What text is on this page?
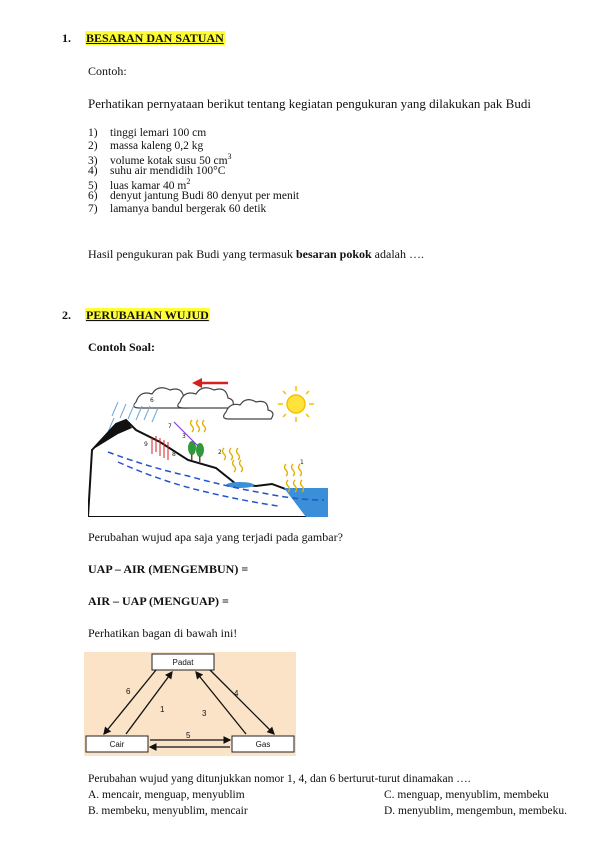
1. BESARAN DAN SATUAN
Contoh:
Perhatikan pernyataan berikut tentang kegiatan pengukuran yang dilakukan pak Budi
1) tinggi lemari 100 cm
2) massa kaleng 0,2 kg
3) volume kotak susu 50 $cm^3$
4) suhu air mendidih 100°C
5) luas kamar 40 $m^2$
6) denyut jantung Budi 80 denyut per menit
7) lamanya bandul bergerak 60 detik
Hasil pengukuran pak Budi yang termasuk besaran pokok adalah ….
2. PERUBAHAN WUJUD
Contoh Soal:
6
7
3
2
8
9
1
Perubahan wujud apa saja yang terjadi pada gambar?
UAP – AIR (MENGEMBUN) =
AIR – UAP (MENGUAP) =
Perhatikan bagan di bawah ini!
Padat
Cair	Gas
6
1
4
3
5
Perubahan wujud yang ditunjukkan nomor 1, 4, dan 6 berturut-turut dinamakan ….
A. mencair, menguap, menyublim
B. membeku, menyublim, mencair
C. menguap, menyublim, membeku
D. menyublim, mengembun, membeku.
